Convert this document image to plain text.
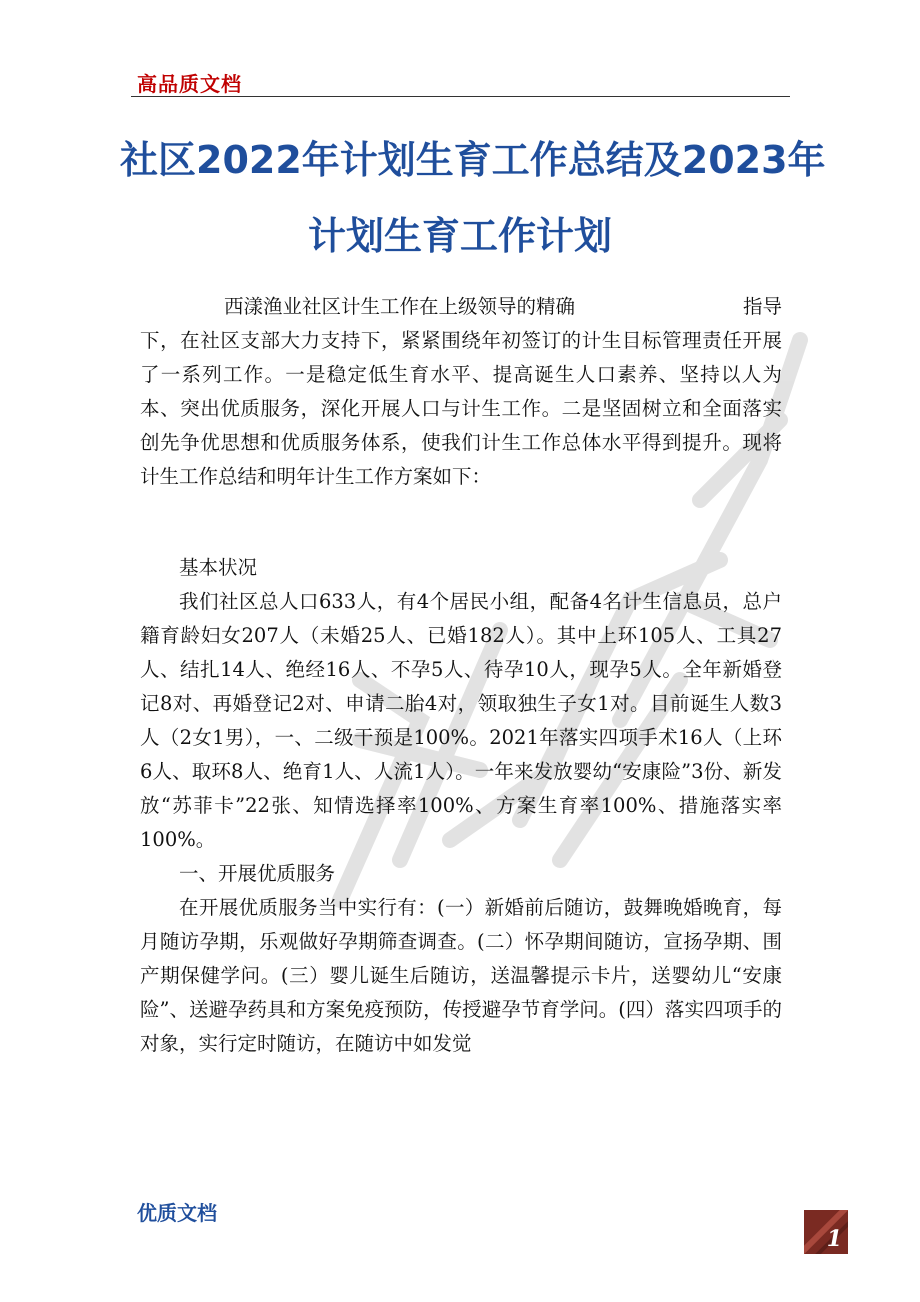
高品质文档
社区2022年计划生育工作总结及2023年
计划生育工作计划
西漾渔业社区计生工作在上级领导的精确	指导
下，在社区支部大力支持下，紧紧围绕年初签订的计生目标管理责任开展了一系列工作。一是稳定低生育水平、提高诞生人口素养、坚持以人为本、突出优质服务，深化开展人口与计生工作。二是坚固树立和全面落实创先争优思想和优质服务体系，使我们计生工作总体水平得到提升。现将计生工作总结和明年计生工作方案如下：

基本状况

我们社区总人口633人，有4个居民小组，配备4名计生信息员，总户籍育龄妇女207人（未婚25人、已婚182人）。其中上环105人、工具27人、结扎14人、绝经16人、不孕5人、待孕10人，现孕5人。全年新婚登记8对、再婚登记2对、申请二胎4对，领取独生子女1对。目前诞生人数3人（2女1男），一、二级干预是100%。2021年落实四项手术16人（上环6人、取环8人、绝育1人、人流1人）。一年来发放婴幼“安康险”3份、新发放“苏菲卡”22张、知情选择率100%、方案生育率100%、措施落实率100%。

一、开展优质服务

在开展优质服务当中实行有：(一）新婚前后随访，鼓舞晚婚晚育，每月随访孕期，乐观做好孕期筛查调查。(二）怀孕期间随访，宣扬孕期、围产期保健学问。(三）婴儿诞生后随访，送温馨提示卡片，送婴幼儿“安康险”、送避孕药具和方案免疫预防，传授避孕节育学问。(四）落实四项手的对象，实行定时随访，在随访中如发觉

优质文档
1
